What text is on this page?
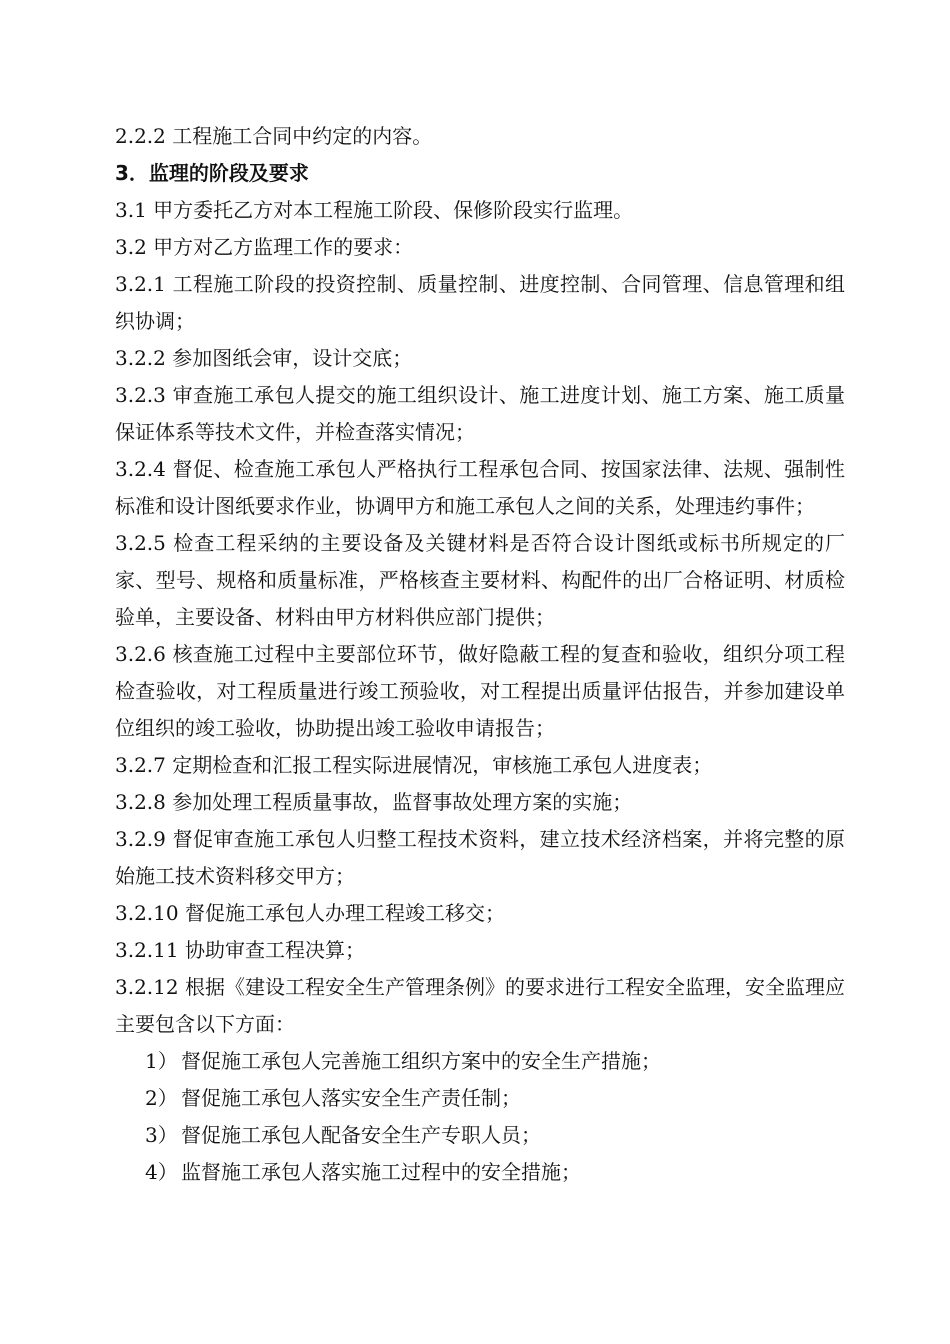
2.2.2 工程施工合同中约定的内容。

3．监理的阶段及要求

3.1 甲方委托乙方对本工程施工阶段、保修阶段实行监理。

3.2 甲方对乙方监理工作的要求：

3.2.1 工程施工阶段的投资控制、质量控制、进度控制、合同管理、信息管理和组织协调；

3.2.2 参加图纸会审，设计交底；

3.2.3 审查施工承包人提交的施工组织设计、施工进度计划、施工方案、施工质量保证体系等技术文件，并检查落实情况；

3.2.4 督促、检查施工承包人严格执行工程承包合同、按国家法律、法规、强制性标准和设计图纸要求作业，协调甲方和施工承包人之间的关系，处理违约事件；

3.2.5 检查工程采纳的主要设备及关键材料是否符合设计图纸或标书所规定的厂家、型号、规格和质量标准，严格核查主要材料、构配件的出厂合格证明、材质检验单，主要设备、材料由甲方材料供应部门提供；

3.2.6 核查施工过程中主要部位环节，做好隐蔽工程的复查和验收，组织分项工程检查验收，对工程质量进行竣工预验收，对工程提出质量评估报告，并参加建设单位组织的竣工验收，协助提出竣工验收申请报告；

3.2.7 定期检查和汇报工程实际进展情况，审核施工承包人进度表；

3.2.8 参加处理工程质量事故，监督事故处理方案的实施；

3.2.9 督促审查施工承包人归整工程技术资料，建立技术经济档案，并将完整的原始施工技术资料移交甲方；

3.2.10 督促施工承包人办理工程竣工移交；

3.2.11 协助审查工程决算；

3.2.12 根据《建设工程安全生产管理条例》的要求进行工程安全监理，安全监理应主要包含以下方面：

1） 督促施工承包人完善施工组织方案中的安全生产措施；

2） 督促施工承包人落实安全生产责任制；

3） 督促施工承包人配备安全生产专职人员；

4） 监督施工承包人落实施工过程中的安全措施；
